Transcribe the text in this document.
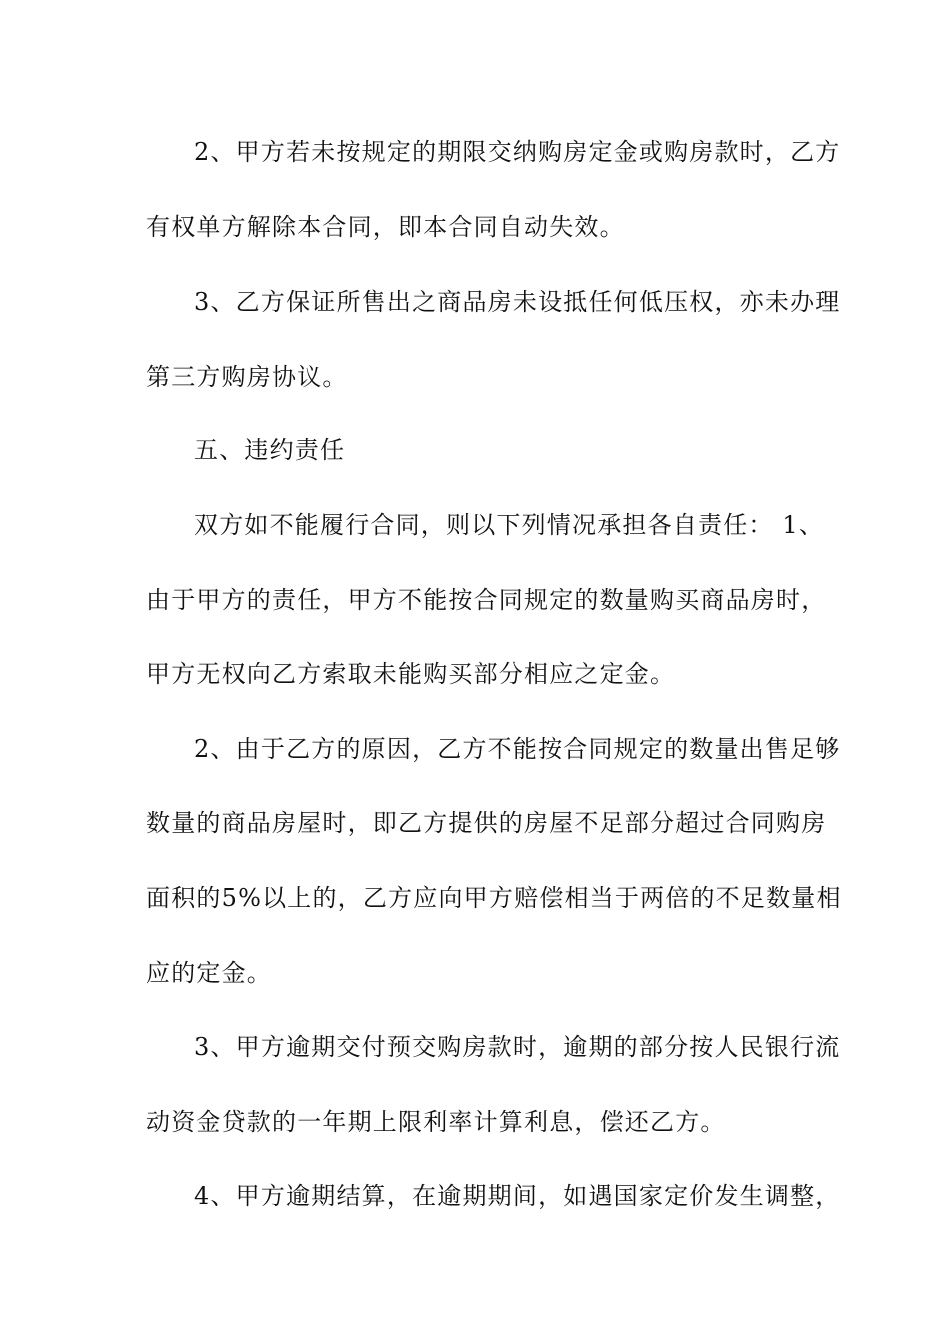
2、甲方若未按规定的期限交纳购房定金或购房款时，乙方
有权单方解除本合同，即本合同自动失效。
3、乙方保证所售出之商品房未设抵任何低压权，亦未办理
第三方购房协议。
五、违约责任
双方如不能履行合同，则以下列情况承担各自责任： 1、
由于甲方的责任，甲方不能按合同规定的数量购买商品房时，
甲方无权向乙方索取未能购买部分相应之定金。
2、由于乙方的原因，乙方不能按合同规定的数量出售足够
数量的商品房屋时，即乙方提供的房屋不足部分超过合同购房
面积的5%以上的，乙方应向甲方赔偿相当于两倍的不足数量相
应的定金。
3、甲方逾期交付预交购房款时，逾期的部分按人民银行流
动资金贷款的一年期上限利率计算利息，偿还乙方。
4、甲方逾期结算，在逾期期间，如遇国家定价发生调整，
